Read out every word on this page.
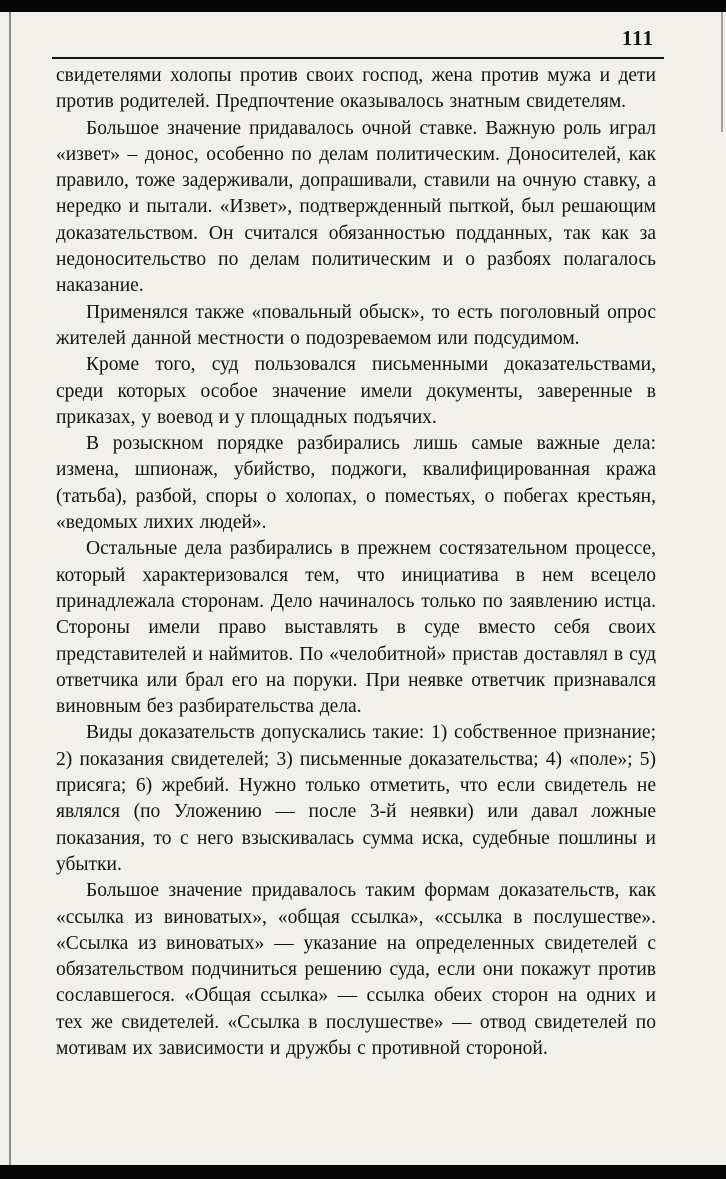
111

свидетелями холопы против своих господ, жена против мужа и дети против родителей. Предпочтение оказывалось знатным свидетелям.

Большое значение придавалось очной ставке. Важную роль играл «извет» – донос, особенно по делам политическим. Доносителей, как правило, тоже задерживали, допрашивали, ставили на очную ставку, а нередко и пытали. «Извет», подтвержденный пыткой, был решающим доказательством. Он считался обязанностью подданных, так как за недоносительство по делам политическим и о разбоях полагалось наказание.

Применялся также «повальный обыск», то есть поголовный опрос жителей данной местности о подозреваемом или подсудимом.

Кроме того, суд пользовался письменными доказательствами, среди которых особое значение имели документы, заверенные в приказах, у воевод и у площадных подъячих.

В розыскном порядке разбирались лишь самые важные дела: измена, шпионаж, убийство, поджоги, квалифицированная кража (татьба), разбой, споры о холопах, о поместьях, о побегах крестьян, «ведомых лихих людей».

Остальные дела разбирались в прежнем состязательном процессе, который характеризовался тем, что инициатива в нем всецело принадлежала сторонам. Дело начиналось только по заявлению истца. Стороны имели право выставлять в суде вместо себя своих представителей и наймитов. По «челобитной» пристав доставлял в суд ответчика или брал его на поруки. При неявке ответчик признавался виновным без разбирательства дела.

Виды доказательств допускались такие: 1) собственное признание; 2) показания свидетелей; 3) письменные доказательства; 4) «поле»; 5) присяга; 6) жребий. Нужно только отметить, что если свидетель не являлся (по Уложению — после 3-й неявки) или давал ложные показания, то с него взыскивалась сумма иска, судебные пошлины и убытки.

Большое значение придавалось таким формам доказательств, как «ссылка из виноватых», «общая ссылка», «ссылка в послушестве». «Ссылка из виноватых» — указание на определенных свидетелей с обязательством подчиниться решению суда, если они покажут против сославшегося. «Общая ссылка» — ссылка обеих сторон на одних и тех же свидетелей. «Ссылка в послушестве» — отвод свидетелей по мотивам их зависимости и дружбы с противной стороной.
